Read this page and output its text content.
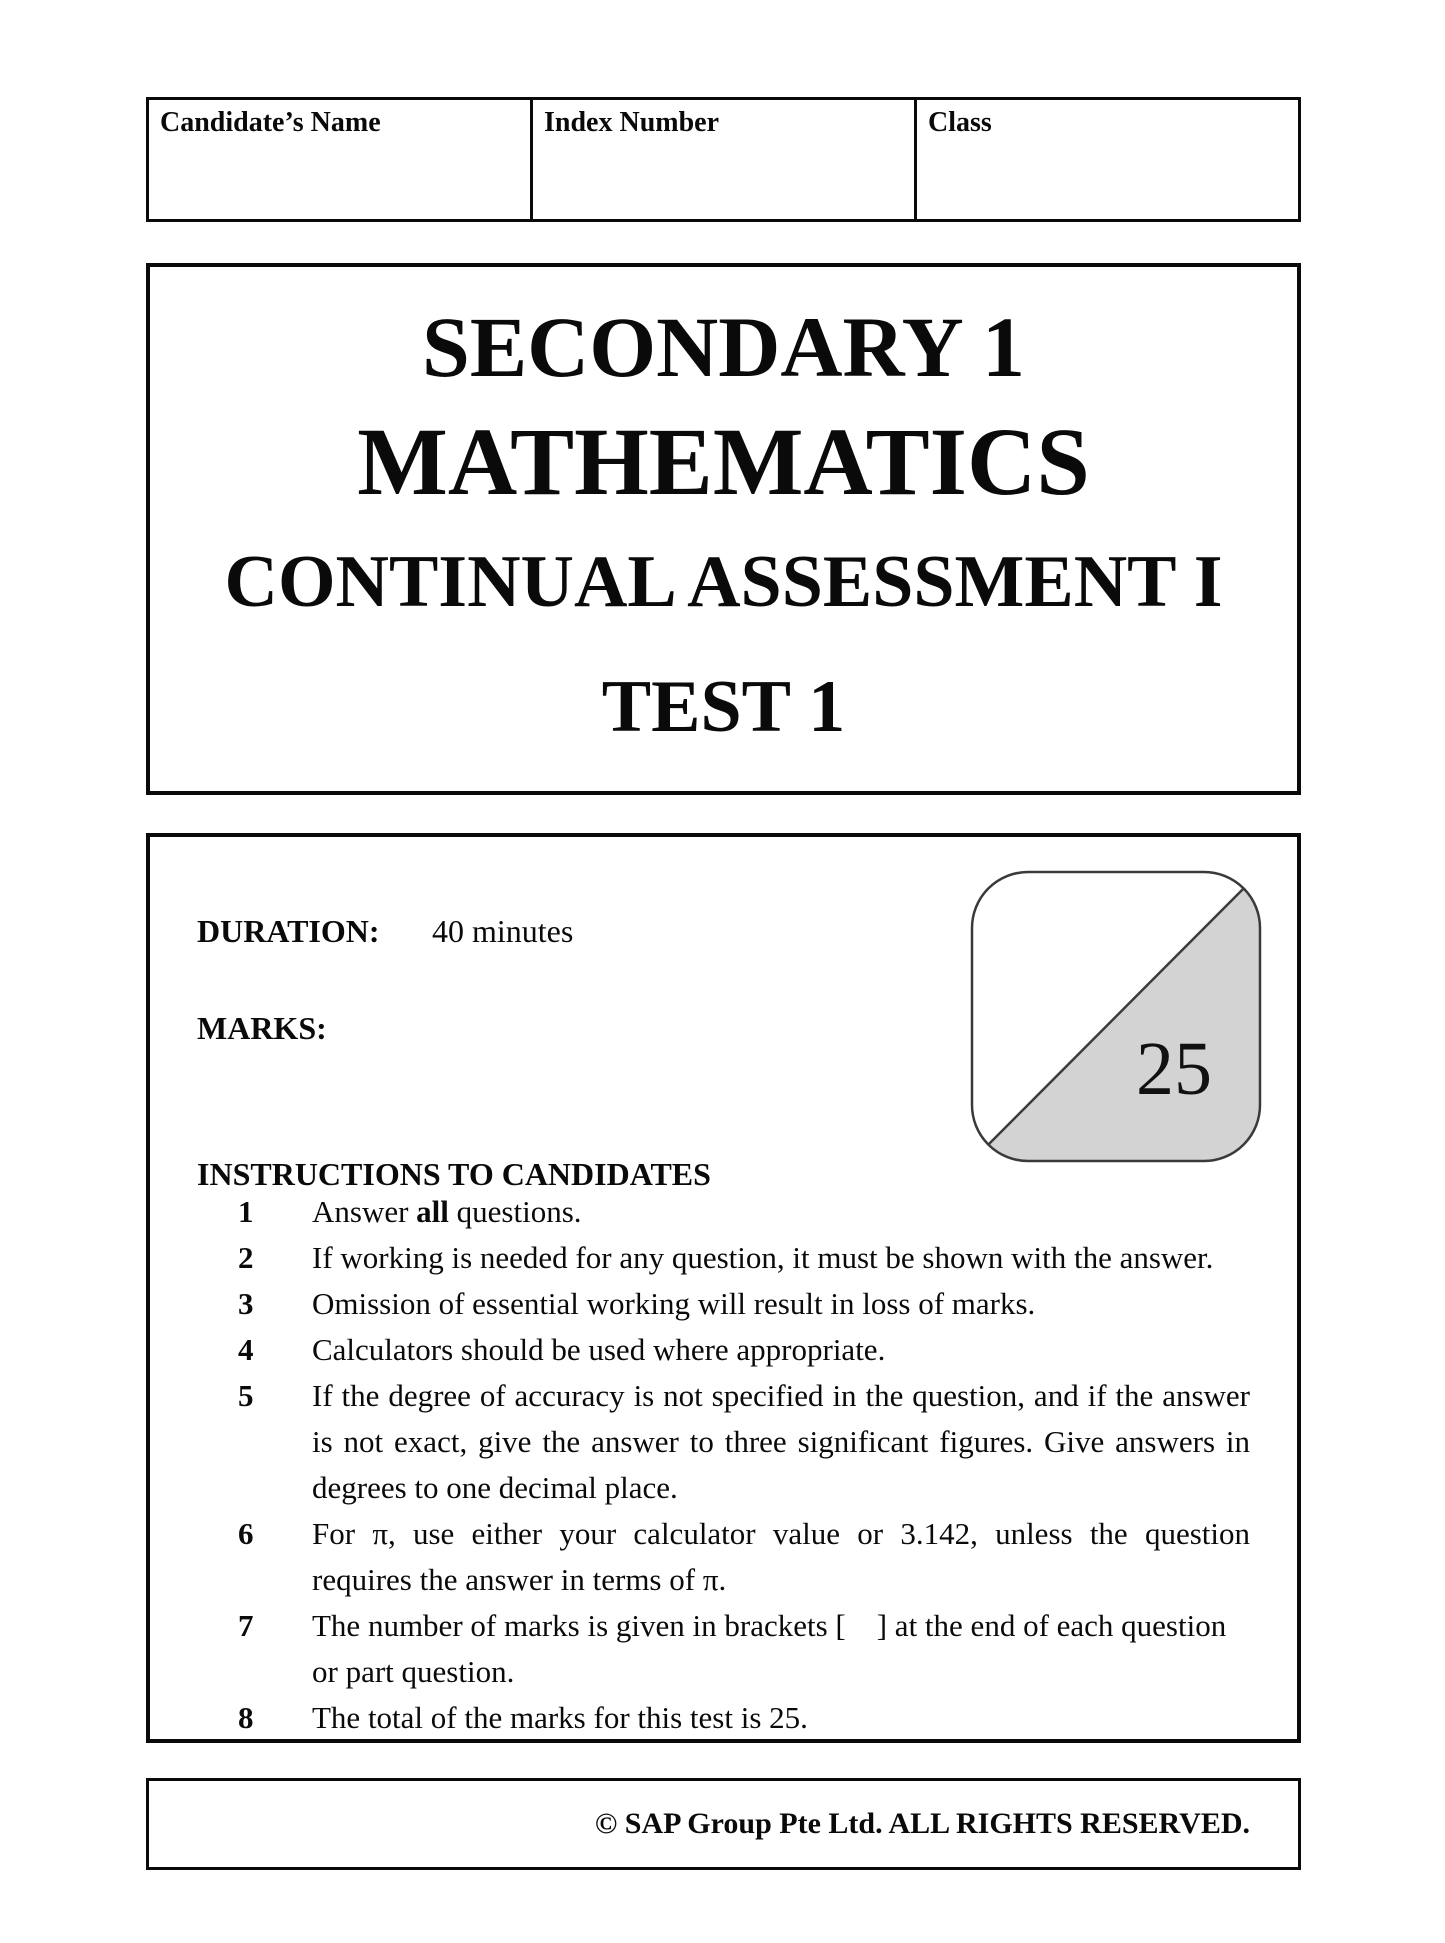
Candidate’s Name	Index Number	Class
SECONDARY 1
MATHEMATICS
CONTINUAL ASSESSMENT I
TEST 1
DURATION: 40 minutes
MARKS:	25
INSTRUCTIONS TO CANDIDATES
1	Answer all questions.
2	If working is needed for any question, it must be shown with the answer.
3	Omission of essential working will result in loss of marks.
4	Calculators should be used where appropriate.
5	If the degree of accuracy is not specified in the question, and if the answer is not exact, give the answer to three significant figures. Give answers in degrees to one decimal place.
6	For π, use either your calculator value or 3.142, unless the question requires the answer in terms of π.
7	The number of marks is given in brackets [  ] at the end of each question or part question.
8	The total of the marks for this test is 25.
© SAP Group Pte Ltd. ALL RIGHTS RESERVED.
